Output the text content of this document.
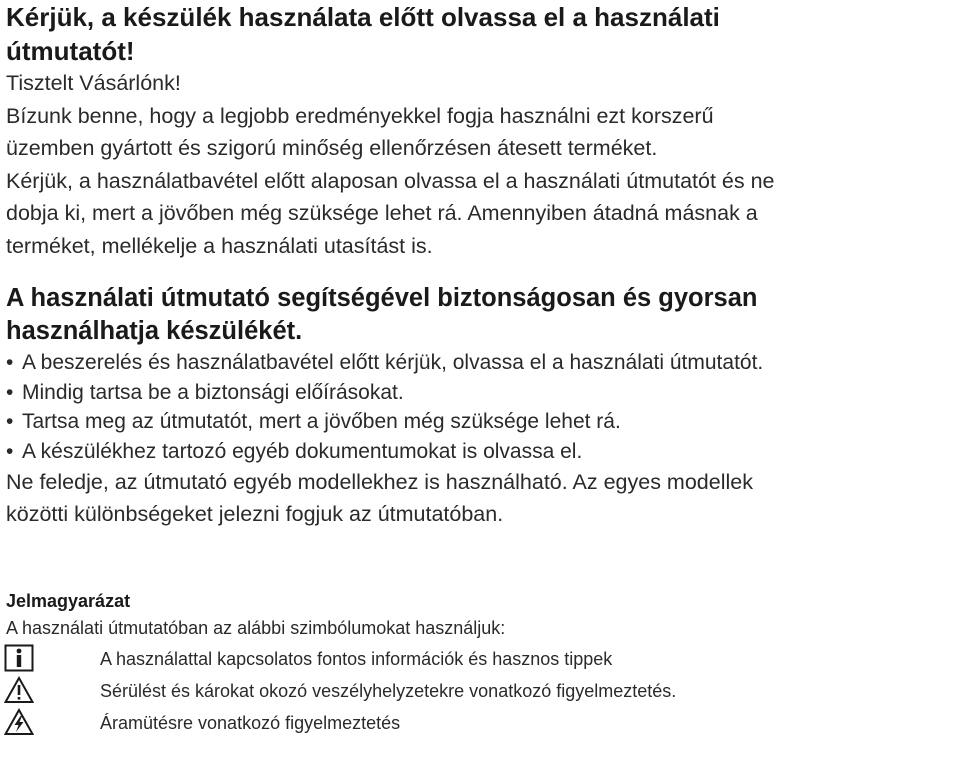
Kérjük, a készülék használata előtt olvassa el a használati
útmutatót!

Tisztelt Vásárlónk!

Bízunk benne, hogy a legjobb eredményekkel fogja használni ezt korszerű
üzemben gyártott és szigorú minőség ellenőrzésen átesett terméket.

Kérjük, a használatbavétel előtt alaposan olvassa el a használati útmutatót és ne
dobja ki, mert a jövőben még szüksége lehet rá. Amennyiben átadná másnak a
terméket, mellékelje a használati utasítást is.

A használati útmutató segítségével biztonságosan és gyorsan
használhatja készülékét.
• A beszerelés és használatbavétel előtt kérjük, olvassa el a használati útmutatót.
• Mindig tartsa be a biztonsági előírásokat.
• Tartsa meg az útmutatót, mert a jövőben még szüksége lehet rá.
• A készülékhez tartozó egyéb dokumentumokat is olvassa el.

Ne feledje, az útmutató egyéb modellekhez is használható. Az egyes modellek
közötti különbségeket jelezni fogjuk az útmutatóban.

Jelmagyarázat

A használati útmutatóban az alábbi szimbólumokat használjuk:

A használattal kapcsolatos fontos információk és hasznos tippek
Sérülést és károkat okozó veszélyhelyzetekre vonatkozó figyelmeztetés.
Áramütésre vonatkozó figyelmeztetés
